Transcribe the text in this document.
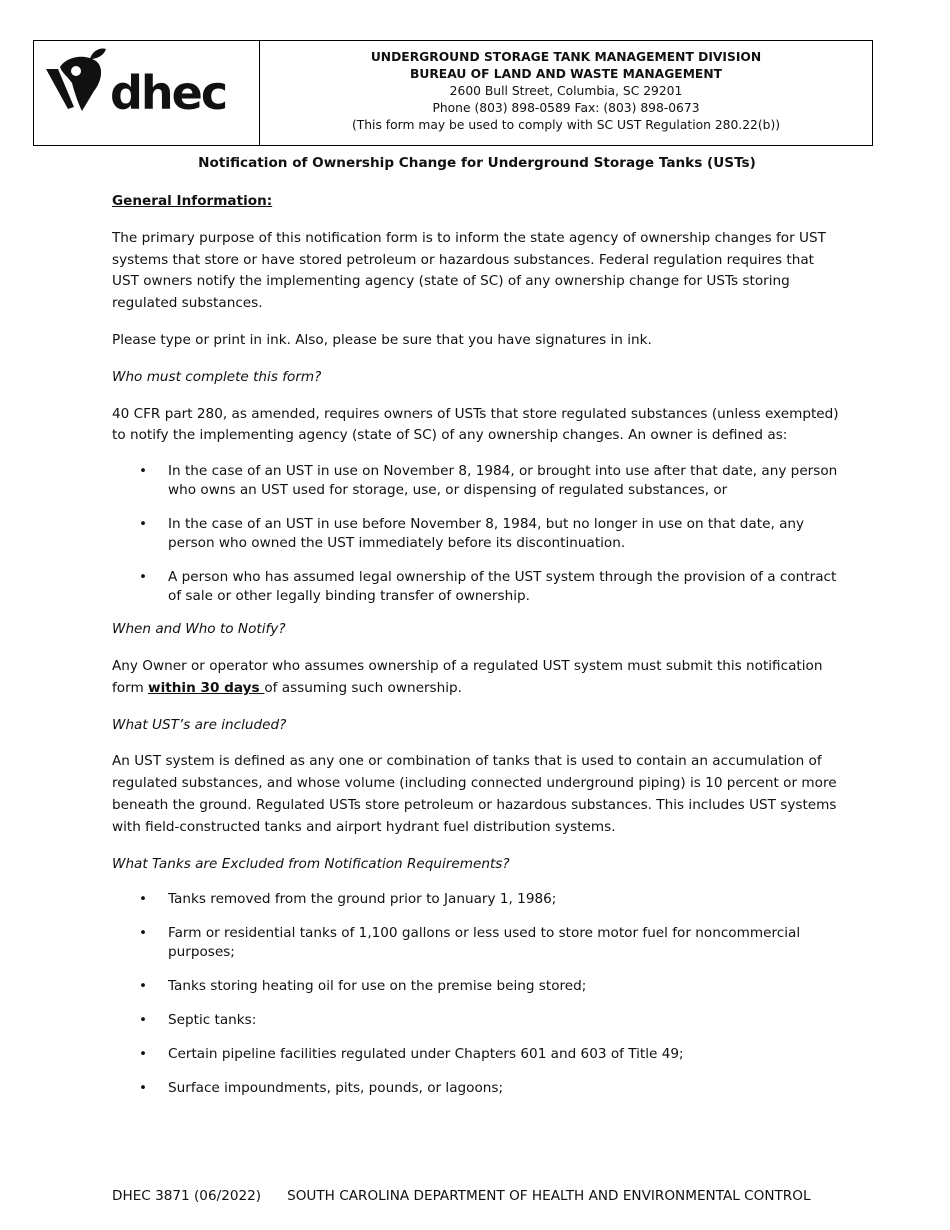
dhec
UNDERGROUND STORAGE TANK MANAGEMENT DIVISION
BUREAU OF LAND AND WASTE MANAGEMENT
2600 Bull Street, Columbia, SC 29201
Phone (803) 898-0589 Fax: (803) 898-0673
(This form may be used to comply with SC UST Regulation 280.22(b))
Notification of Ownership Change for Underground Storage Tanks (USTs)

General Information:

The primary purpose of this notification form is to inform the state agency of ownership changes for UST systems that store or have stored petroleum or hazardous substances. Federal regulation requires that UST owners notify the implementing agency (state of SC) of any ownership change for USTs storing regulated substances.

Please type or print in ink. Also, please be sure that you have signatures in ink.

Who must complete this form?

40 CFR part 280, as amended, requires owners of USTs that store regulated substances (unless exempted) to notify the implementing agency (state of SC) of any ownership changes. An owner is defined as:

• In the case of an UST in use on November 8, 1984, or brought into use after that date, any person who owns an UST used for storage, use, or dispensing of regulated substances, or
• In the case of an UST in use before November 8, 1984, but no longer in use on that date, any person who owned the UST immediately before its discontinuation.
• A person who has assumed legal ownership of the UST system through the provision of a contract of sale or other legally binding transfer of ownership.

When and Who to Notify?

Any Owner or operator who assumes ownership of a regulated UST system must submit this notification form within 30 days of assuming such ownership.

What UST’s are included?

An UST system is defined as any one or combination of tanks that is used to contain an accumulation of regulated substances, and whose volume (including connected underground piping) is 10 percent or more beneath the ground. Regulated USTs store petroleum or hazardous substances. This includes UST systems with field-constructed tanks and airport hydrant fuel distribution systems.

What Tanks are Excluded from Notification Requirements?

• Tanks removed from the ground prior to January 1, 1986;
• Farm or residential tanks of 1,100 gallons or less used to store motor fuel for noncommercial purposes;
• Tanks storing heating oil for use on the premise being stored;
• Septic tanks:
• Certain pipeline facilities regulated under Chapters 601 and 603 of Title 49;
• Surface impoundments, pits, pounds, or lagoons;
DHEC 3871 (06/2022) SOUTH CAROLINA DEPARTMENT OF HEALTH AND ENVIRONMENTAL CONTROL
